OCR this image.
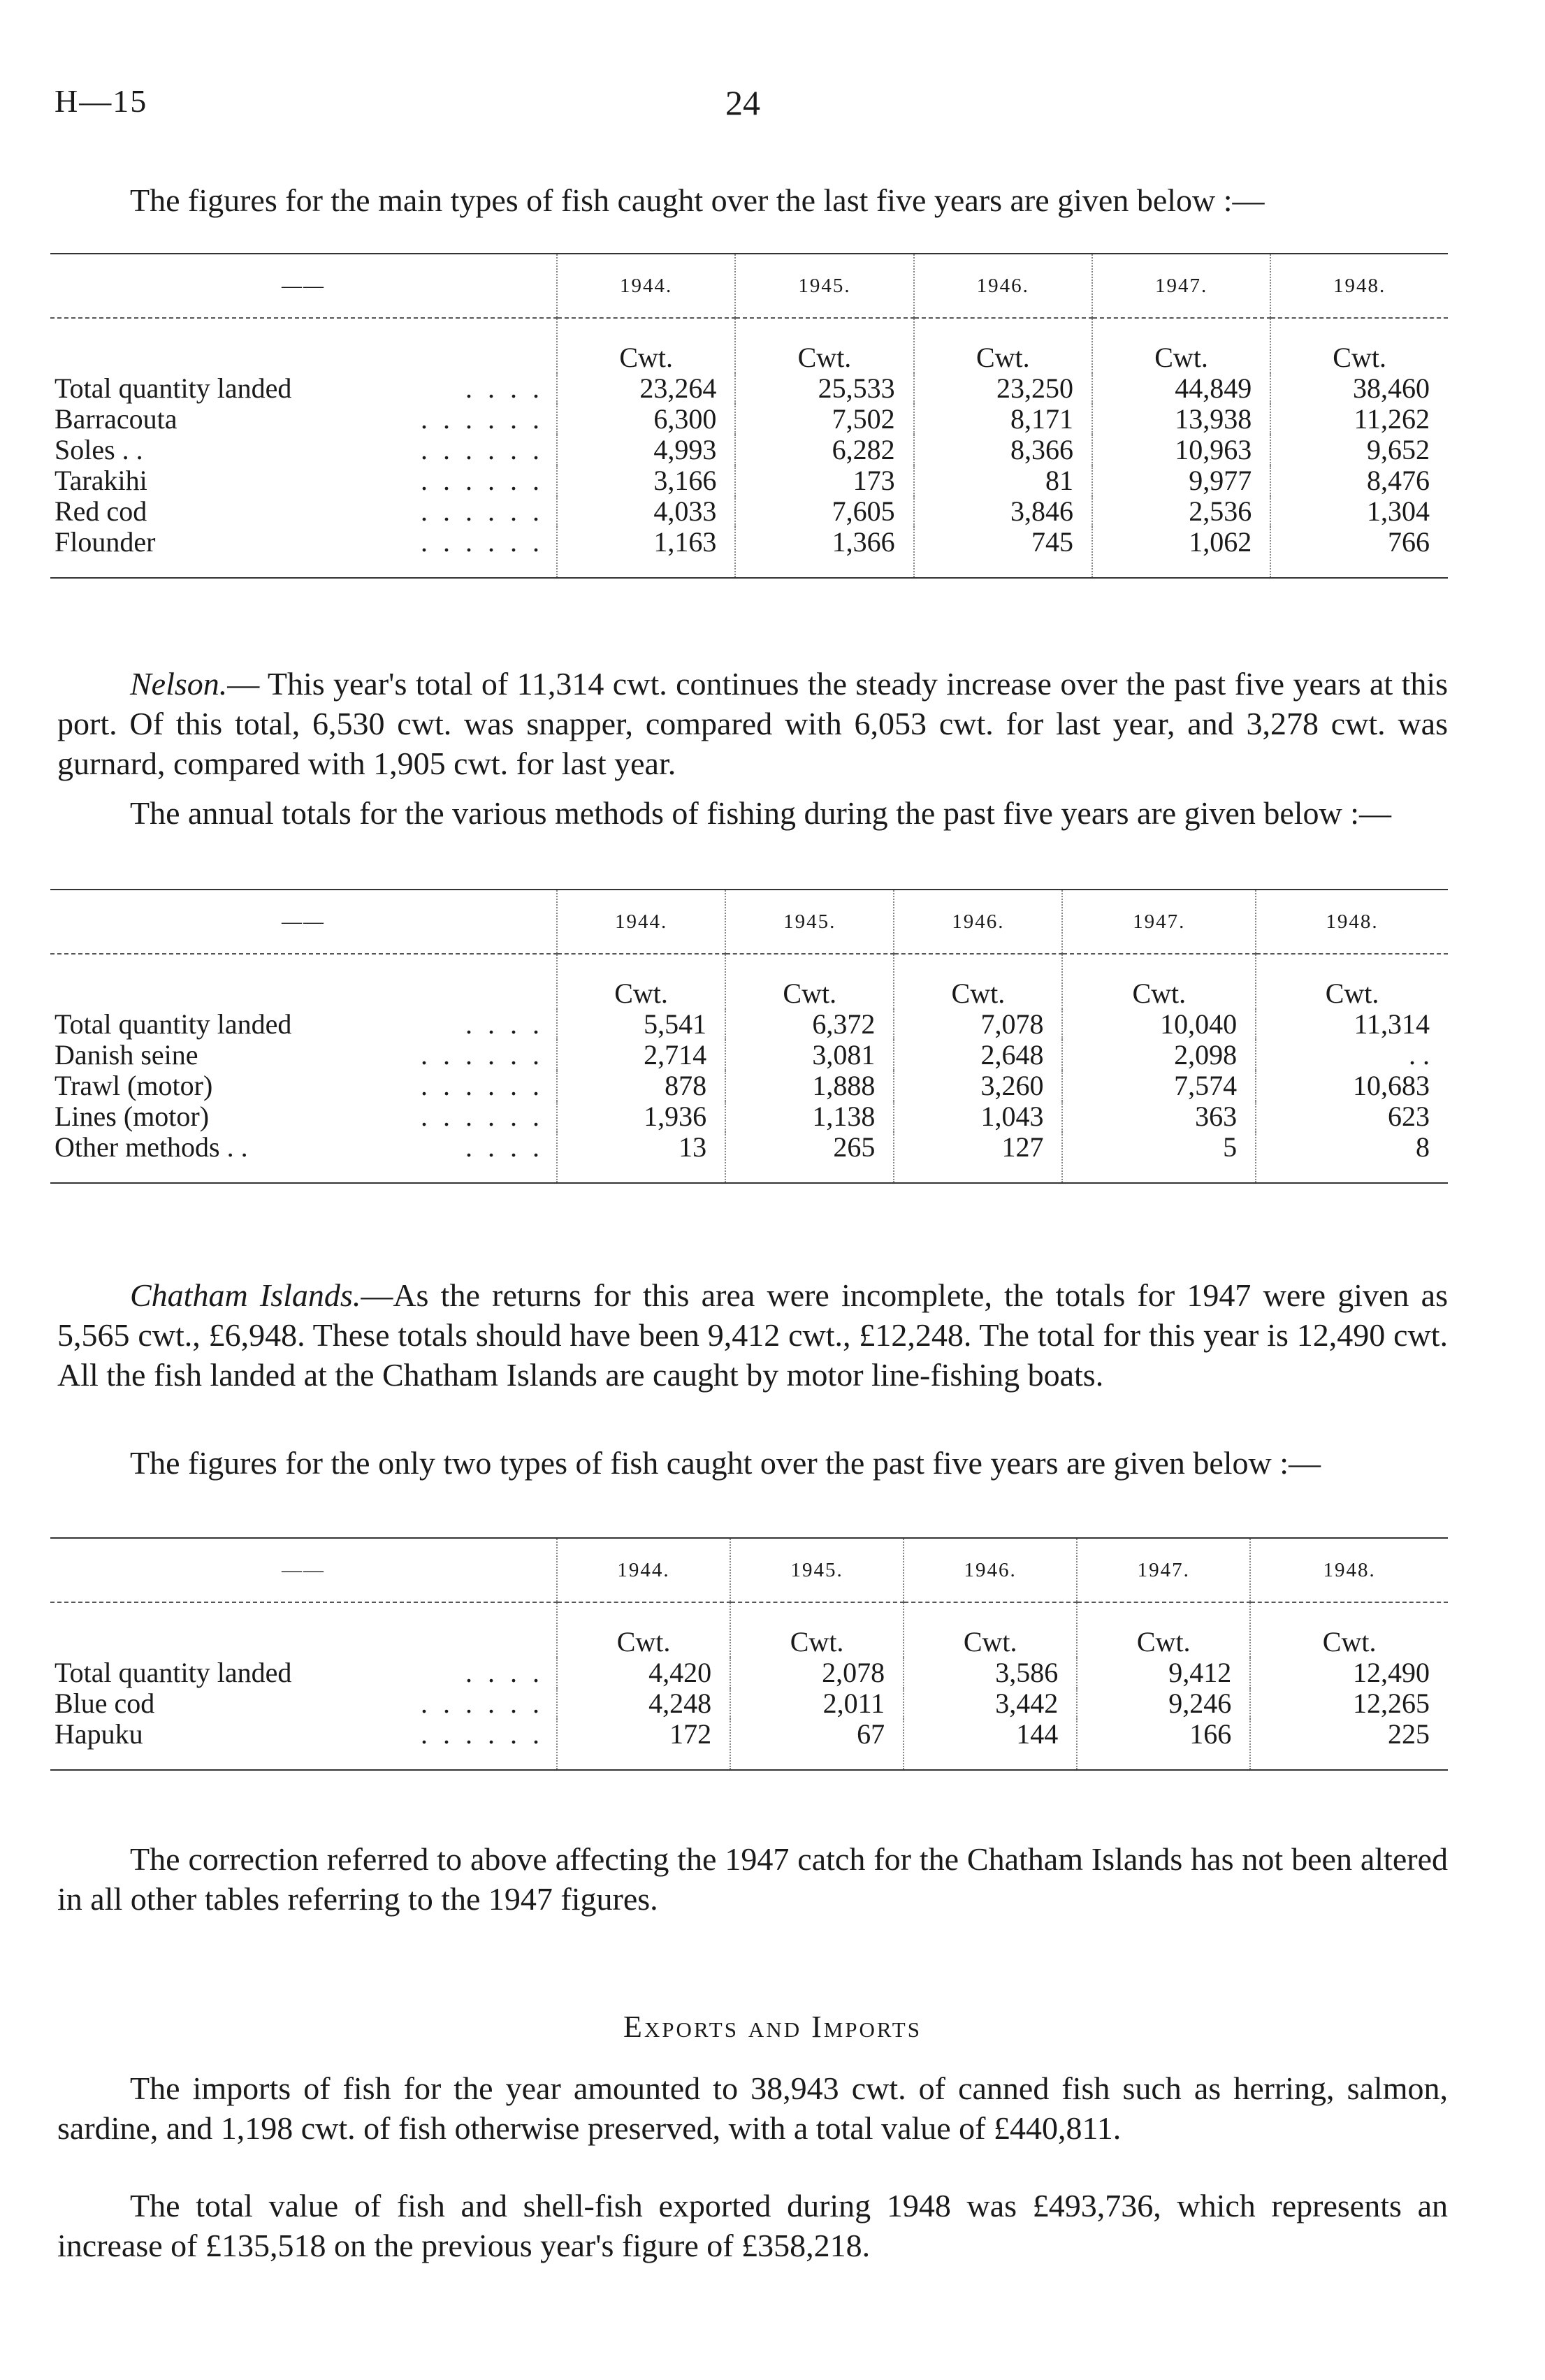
H—15	24

The figures for the main types of fish caught over the last five years are given below :—

——	1944.	1945.	1946.	1947.	1948.
	Cwt.	Cwt.	Cwt.	Cwt.	Cwt.

Total quantity landed . . . .	23,264	25,533	23,250	44,849	38,460

Barracouta . . . . . .	6,300	7,502	8,171	13,938	11,262

Soles . . . . . . . .	4,993	6,282	8,366	10,963	9,652

Tarakihi . . . . . .	3,166	173	81	9,977	8,476

Red cod . . . . . .	4,033	7,605	3,846	2,536	1,304

Flounder . . . . . .	1,163	1,366	745	1,062	766

Nelson.— This year's total of 11,314 cwt. continues the steady increase over the past five years at this port. Of this total, 6,530 cwt. was snapper, compared with 6,053 cwt. for last year, and 3,278 cwt. was gurnard, compared with 1,905 cwt. for last year.

The annual totals for the various methods of fishing during the past five years are given below :—

——	1944.	1945.	1946.	1947.	1948.
	Cwt.	Cwt.	Cwt.	Cwt.	Cwt.

Total quantity landed . . . .	5,541	6,372	7,078	10,040	11,314

Danish seine . . . . . .	2,714	3,081	2,648	2,098	. .

Trawl (motor) . . . . . .	878	1,888	3,260	7,574	10,683

Lines (motor) . . . . . .	1,936	1,138	1,043	363	623

Other methods . . . . . .	13	265	127	5	8

Chatham Islands.—As the returns for this area were incomplete, the totals for 1947 were given as 5,565 cwt., £6,948. These totals should have been 9,412 cwt., £12,248. The total for this year is 12,490 cwt. All the fish landed at the Chatham Islands are caught by motor line-fishing boats.

The figures for the only two types of fish caught over the past five years are given below :—

——	1944.	1945.	1946.	1947.	1948.
	Cwt.	Cwt.	Cwt.	Cwt.	Cwt.

Total quantity landed . . . .	4,420	2,078	3,586	9,412	12,490

Blue cod . . . . . .	4,248	2,011	3,442	9,246	12,265

Hapuku . . . . . .	172	67	144	166	225

The correction referred to above affecting the 1947 catch for the Chatham Islands has not been altered in all other tables referring to the 1947 figures.

Exports and Imports

The imports of fish for the year amounted to 38,943 cwt. of canned fish such as herring, salmon, sardine, and 1,198 cwt. of fish otherwise preserved, with a total value of £440,811.

The total value of fish and shell-fish exported during 1948 was £493,736, which represents an increase of £135,518 on the previous year's figure of £358,218.
